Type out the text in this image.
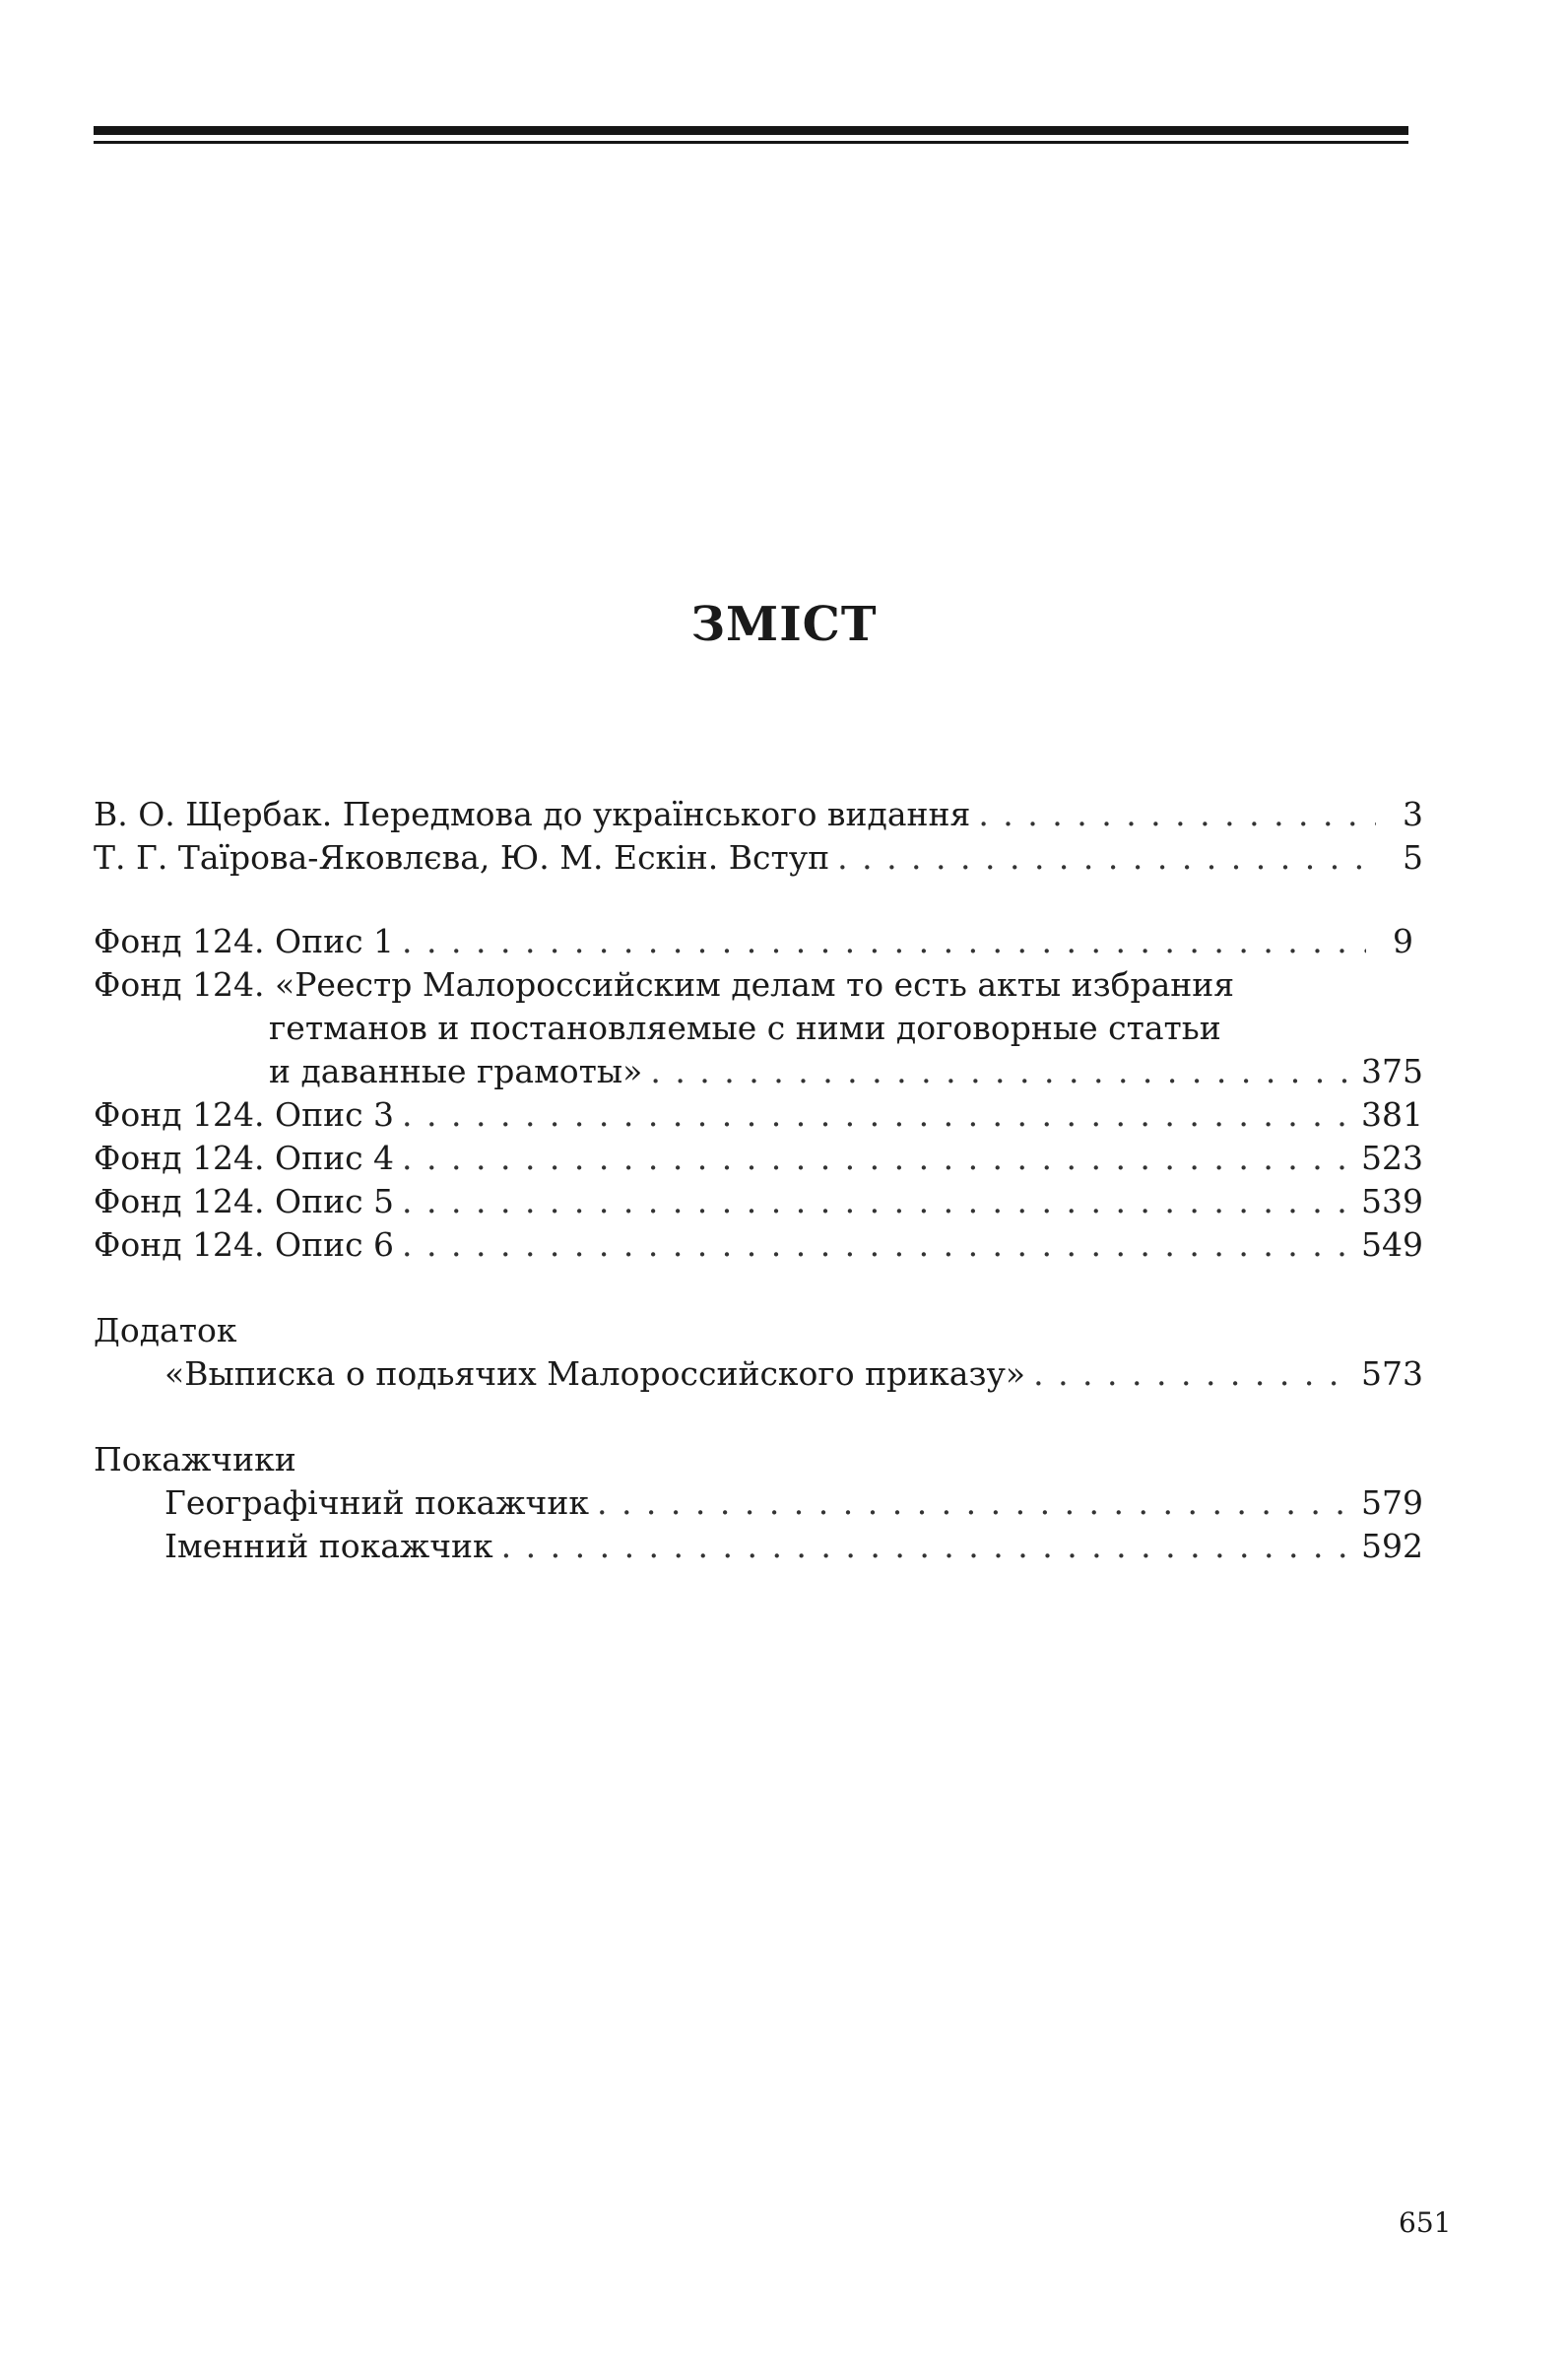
ЗМІСТ
В. О. Щербак. Передмова до українського видання . . .	3
Т. Г. Таїрова-Яковлєва, Ю. М. Ескін. Вступ . . .	5
Фонд 124. Опис 1 . . .	9
Фонд 124. «Реестр Малороссийским делам то есть акты избрания
гетманов и постановляемые с ними договорные статьи
и даванные грамоты» . . .	375
Фонд 124. Опис 3 . . .	381
Фонд 124. Опис 4 . . .	523
Фонд 124. Опис 5 . . .	539
Фонд 124. Опис 6 . . .	549
Додаток
«Выписка о подьячих Малороссийского приказу» . . .	573
Покажчики
Географічний покажчик . . .	579
Іменний покажчик . . .	592
651
